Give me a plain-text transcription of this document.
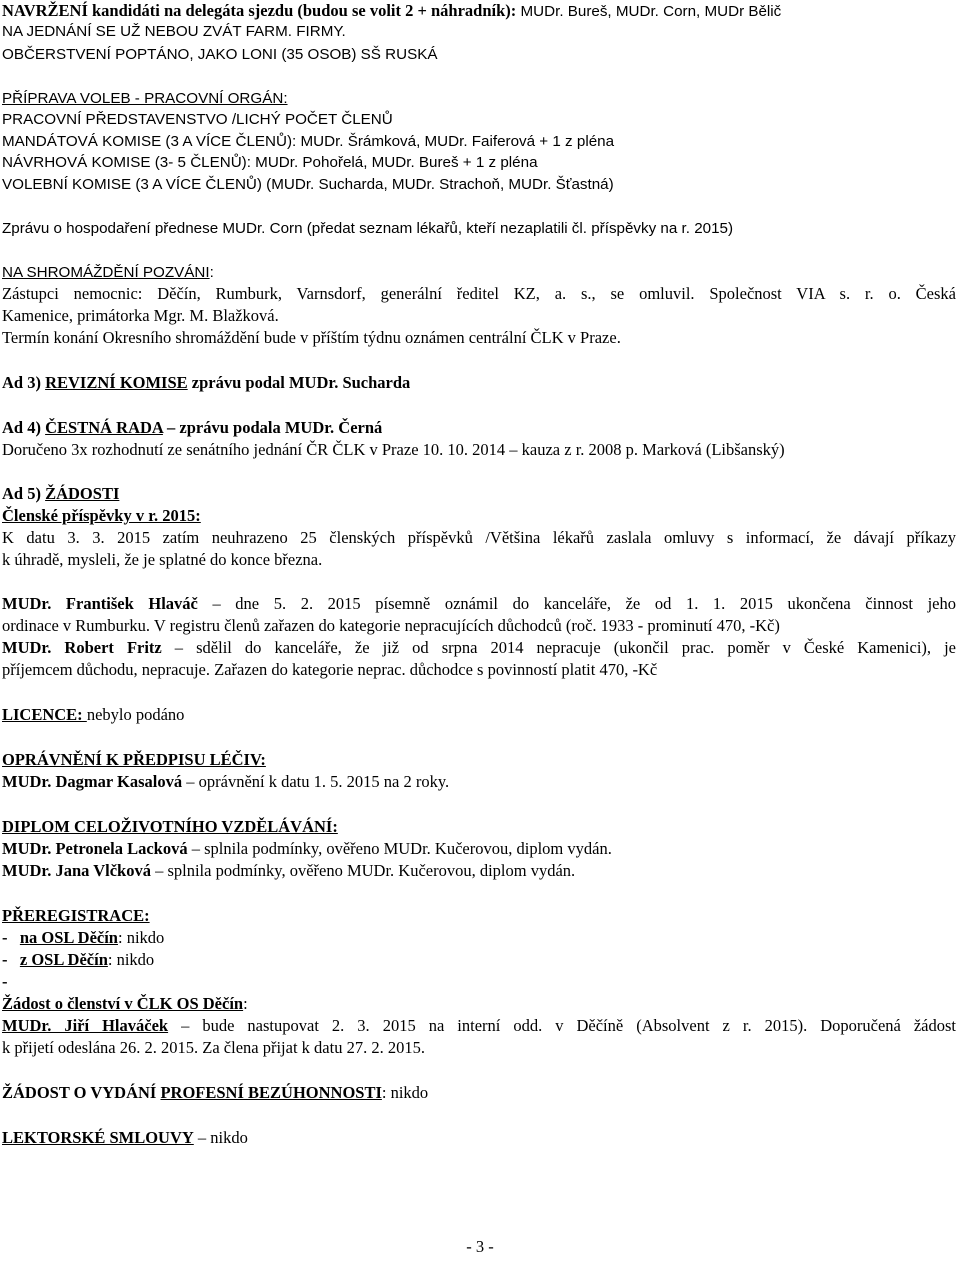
NAVRŽENÍ kandidáti na delegáta sjezdu (budou se volit 2 + náhradník): MUDr. Bureš, MUDr. Corn, MUDr Bělič
NA JEDNÁNÍ SE UŽ NEBOU ZVÁT FARM. FIRMY.
OBČERSTVENÍ POPTÁNO, JAKO LONI (35 OSOB) SŠ RUSKÁ
PŘÍPRAVA VOLEB - PRACOVNÍ ORGÁN:
PRACOVNÍ PŘEDSTAVENSTVO /LICHÝ POČET ČLENŮ
MANDÁTOVÁ KOMISE (3 A VÍCE ČLENŮ): MUDr. Šrámková, MUDr. Faiferová + 1 z pléna
NÁVRHOVÁ KOMISE (3- 5 ČLENŮ): MUDr. Pohořelá, MUDr. Bureš + 1 z pléna
VOLEBNÍ KOMISE (3 A VÍCE ČLENŮ) (MUDr. Sucharda, MUDr. Strachoň, MUDr. Šťastná)
Zprávu o hospodaření přednese MUDr. Corn (předat seznam lékařů, kteří nezaplatili čl. příspěvky na r. 2015)
NA SHROMÁŽDĚNÍ POZVÁNI:
Zástupci nemocnic: Děčín, Rumburk, Varnsdorf, generální ředitel KZ, a. s., se omluvil. Společnost VIA s. r. o. Česká
Kamenice, primátorka Mgr. M. Blažková.
Termín konání Okresního shromáždění bude v příštím týdnu oznámen centrální ČLK v Praze.
Ad 3) REVIZNÍ KOMISE zprávu podal MUDr. Sucharda
Ad 4) ČESTNÁ RADA – zprávu podala MUDr. Černá
Doručeno 3x rozhodnutí ze senátního jednání ČR ČLK v Praze 10. 10. 2014 – kauza z r. 2008 p. Marková (Libšanský)
Ad 5) ŽÁDOSTI
Členské příspěvky v r. 2015:
K datu 3. 3. 2015 zatím neuhrazeno 25 členských příspěvků /Většina lékařů zaslala omluvy s informací, že dávají příkazy
k úhradě, mysleli, že je splatné do konce března.
MUDr. František Hlaváč – dne 5. 2. 2015 písemně oznámil do kanceláře, že od 1. 1. 2015 ukončena činnost jeho
ordinace v Rumburku. V registru členů zařazen do kategorie nepracujících důchodců (roč. 1933 - prominutí 470, -Kč)
MUDr. Robert Fritz – sdělil do kanceláře, že již od srpna 2014 nepracuje (ukončil prac. poměr v České Kamenici), je
příjemcem důchodu, nepracuje. Zařazen do kategorie neprac. důchodce s povinností platit 470, -Kč
LICENCE: nebylo podáno
OPRÁVNĚNÍ K PŘEDPISU LÉČIV:
MUDr. Dagmar Kasalová – oprávnění k datu 1. 5. 2015 na 2 roky.
DIPLOM CELOŽIVOTNÍHO VZDĚLÁVÁNÍ:
MUDr. Petronela Lacková – splnila podmínky, ověřeno MUDr. Kučerovou, diplom vydán.
MUDr. Jana Vlčková – splnila podmínky, ověřeno MUDr. Kučerovou, diplom vydán.
PŘEREGISTRACE:
-   na OSL Děčín: nikdo
-   z OSL Děčín: nikdo
-
Žádost o členství v ČLK OS Děčín:
MUDr. Jiří Hlaváček – bude nastupovat 2. 3. 2015 na interní odd. v Děčíně (Absolvent z r. 2015). Doporučená žádost
k přijetí odeslána 26. 2. 2015. Za člena přijat k datu 27. 2. 2015.
ŽÁDOST O VYDÁNÍ PROFESNÍ BEZÚHONNOSTI: nikdo
LEKTORSKÉ SMLOUVY – nikdo
- 3 -
